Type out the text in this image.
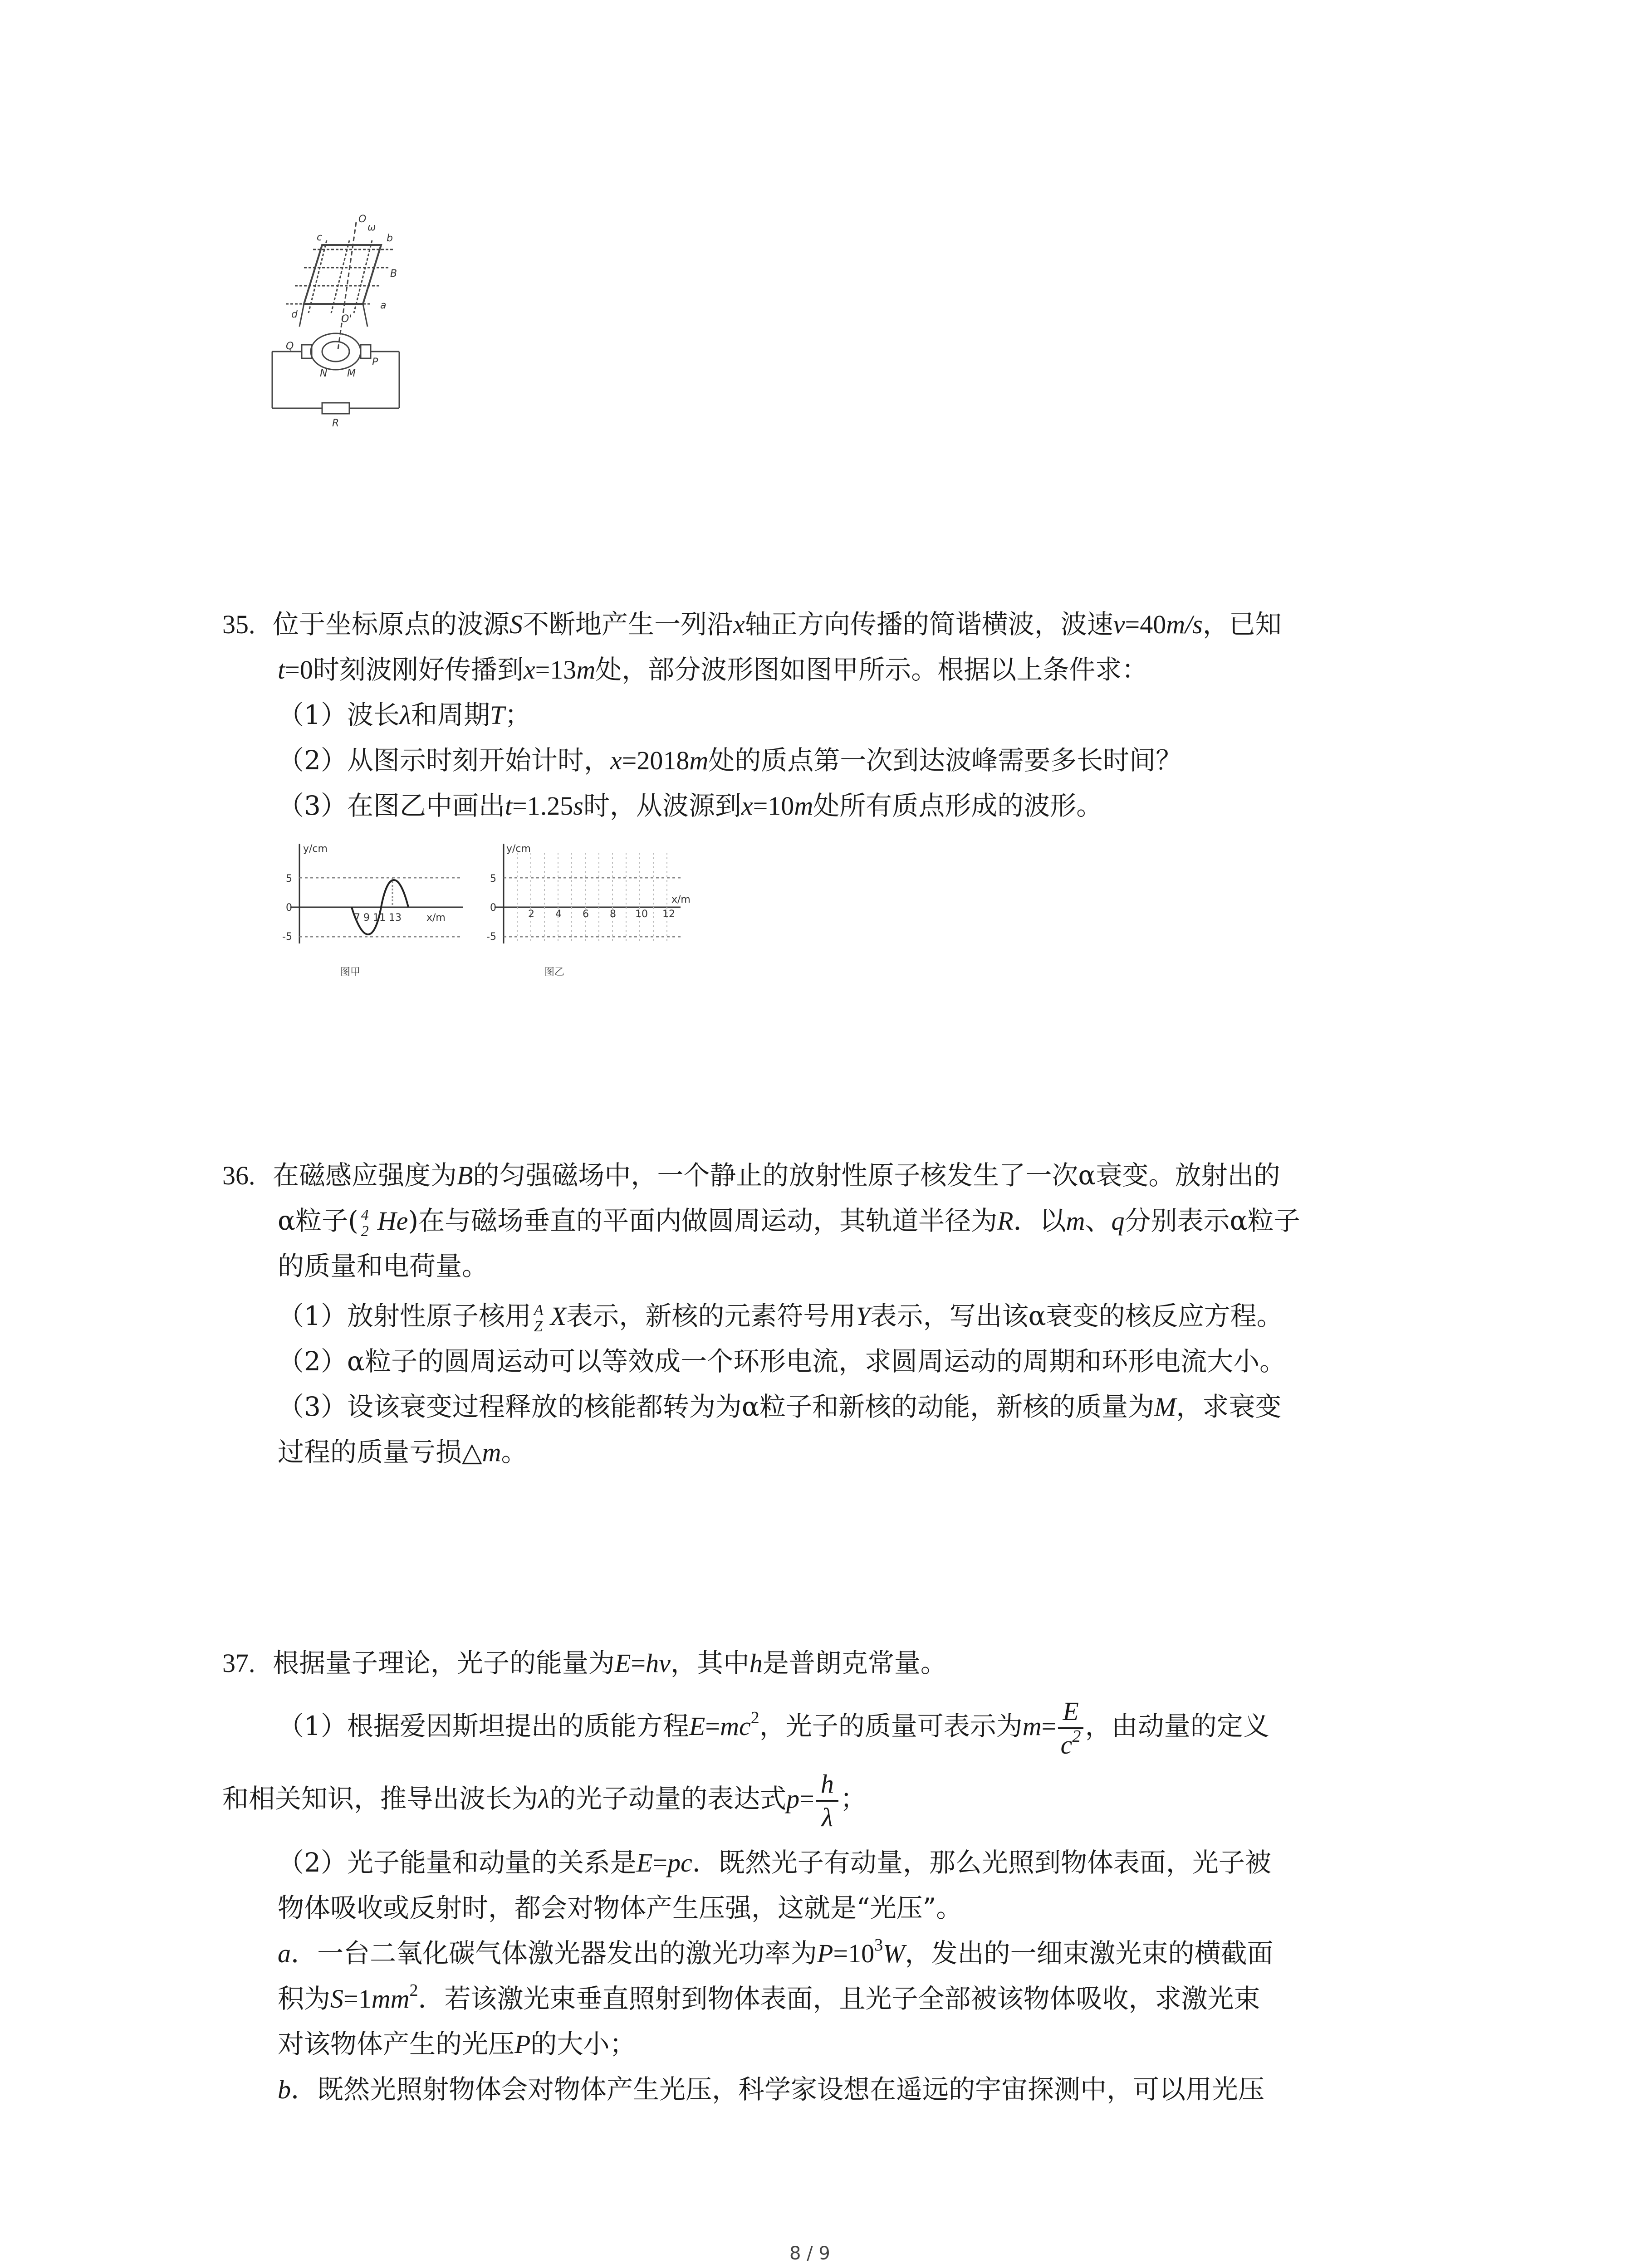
O
ω
b
c
B
a
d	O'
Q
P
N M
R
35. 位于坐标原点的波源S不断地产生一列沿x轴正方向传播的简谐横波，波速v=40m/s，已知
t=0时刻波刚好传播到x=13m处，部分波形图如图甲所示。根据以上条件求：
（1）波长λ和周期T；
（2）从图示时刻开始计时，x=2018m处的质点第一次到达波峰需要多长时间？
（3）在图乙中画出t=1.25s时，从波源到x=10m处所有质点形成的波形。
y/cm
5
0
-5
7 9 11 13	x/m
图甲
y/cm
5
0
-5
2 4 6 8 10 12
x/m
图乙
36. 在磁感应强度为B的匀强磁场中，一个静止的放射性原子核发生了一次α衰变。放射出的
α粒子( 4
2 He)在与磁场垂直的平面内做圆周运动，其轨道半径为R．以m、q分别表示α粒子
的质量和电荷量。
（1）放射性原子核用 A
Z X表示，新核的元素符号用Y表示，写出该α衰变的核反应方程。
（2）α粒子的圆周运动可以等效成一个环形电流，求圆周运动的周期和环形电流大小。
（3）设该衰变过程释放的核能都转为为α粒子和新核的动能，新核的质量为M，求衰变
过程的质量亏损△m。
37. 根据量子理论，光子的能量为E=hν，其中h是普朗克常量。
（1）根据爱因斯坦提出的质能方程$E=mc^2$，光子的质量可表示为$m= \frac{E}{c^2}$ ，由动量的定义
和相关知识，推导出波长为λ的光子动量的表达式$p= \frac{h}{\lambda}$ ；
（2）光子能量和动量的关系是E=pc．既然光子有动量，那么光照到物体表面，光子被
物体吸收或反射时，都会对物体产生压强，这就是“光压”。
a．一台二氧化碳气体激光器发出的激光功率为$P=10^3W$，发出的一细束激光束的横截面
积为$S=1mm^2$．若该激光束垂直照射到物体表面，且光子全部被该物体吸收，求激光束
对该物体产生的光压P的大小；
b．既然光照射物体会对物体产生光压，科学家设想在遥远的宇宙探测中，可以用光压
8 / 9
